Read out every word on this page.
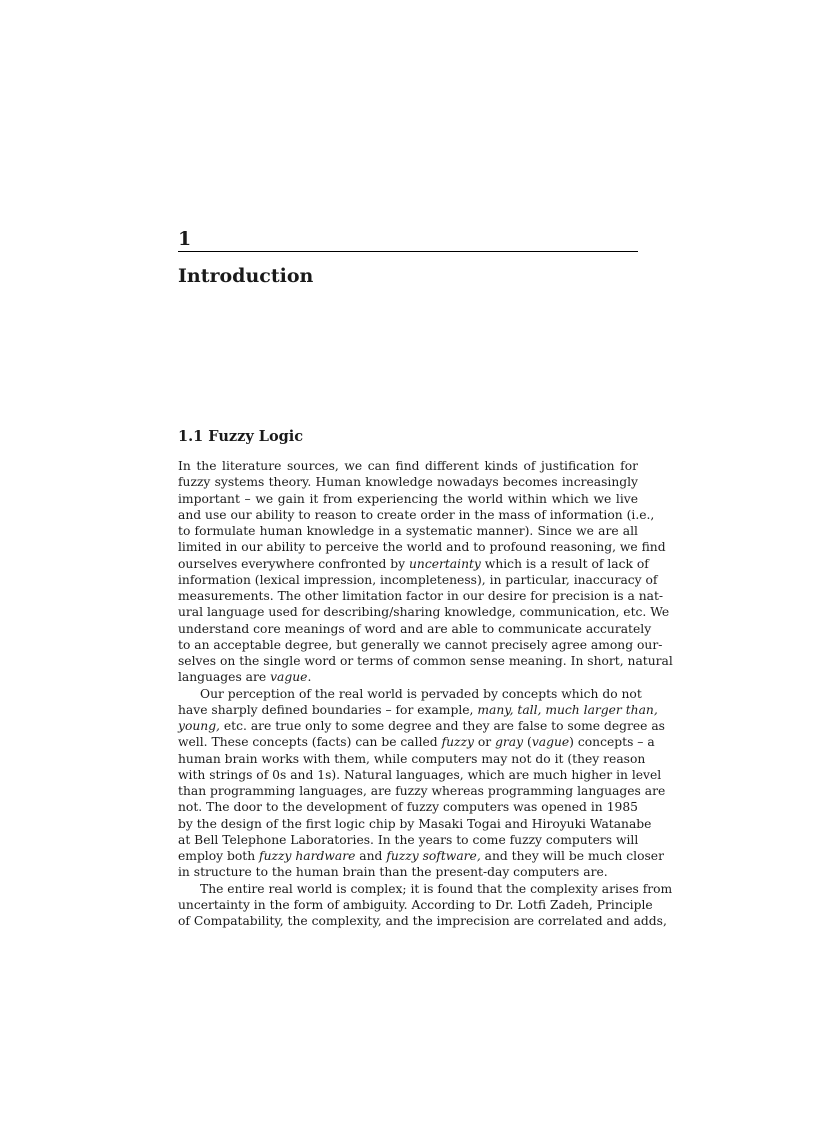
1
Introduction
1.1 Fuzzy Logic
In the literature sources, we can find different kinds of justification for
fuzzy systems theory. Human knowledge nowadays becomes increasingly
important – we gain it from experiencing the world within which we live
and use our ability to reason to create order in the mass of information (i.e.,
to formulate human knowledge in a systematic manner). Since we are all
limited in our ability to perceive the world and to profound reasoning, we find
ourselves everywhere confronted by uncertainty which is a result of lack of
information (lexical impression, incompleteness), in particular, inaccuracy of
measurements. The other limitation factor in our desire for precision is a nat-
ural language used for describing/sharing knowledge, communication, etc. We
understand core meanings of word and are able to communicate accurately
to an acceptable degree, but generally we cannot precisely agree among our-
selves on the single word or terms of common sense meaning. In short, natural
languages are vague.
Our perception of the real world is pervaded by concepts which do not
have sharply defined boundaries – for example, many, tall, much larger than,
young, etc. are true only to some degree and they are false to some degree as
well. These concepts (facts) can be called fuzzy or gray (vague) concepts – a
human brain works with them, while computers may not do it (they reason
with strings of 0s and 1s). Natural languages, which are much higher in level
than programming languages, are fuzzy whereas programming languages are
not. The door to the development of fuzzy computers was opened in 1985
by the design of the first logic chip by Masaki Togai and Hiroyuki Watanabe
at Bell Telephone Laboratories. In the years to come fuzzy computers will
employ both fuzzy hardware and fuzzy software, and they will be much closer
in structure to the human brain than the present-day computers are.
The entire real world is complex; it is found that the complexity arises from
uncertainty in the form of ambiguity. According to Dr. Lotfi Zadeh, Principle
of Compatability, the complexity, and the imprecision are correlated and adds,
